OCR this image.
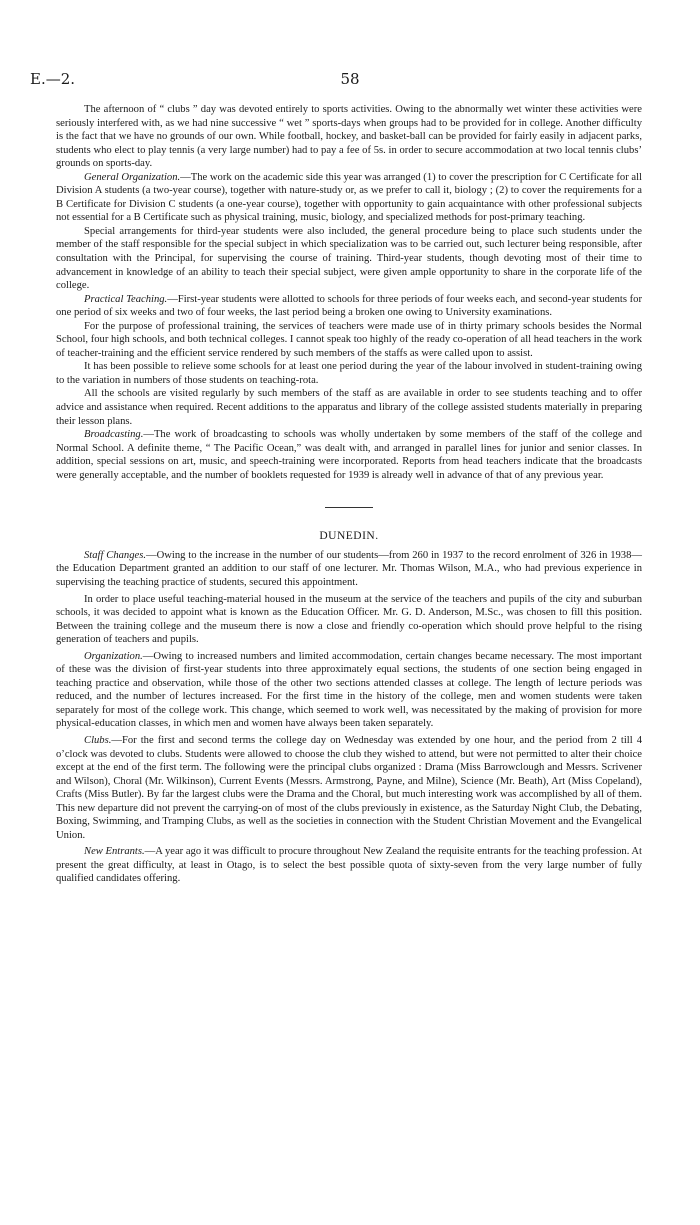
58
E.—2.

The afternoon of “ clubs ” day was devoted entirely to sports activities. Owing to the abnormally wet winter these activities were seriously interfered with, as we had nine successive “ wet ” sports-days when groups had to be provided for in college. Another difficulty is the fact that we have no grounds of our own. While football, hockey, and basket-ball can be provided for fairly easily in adjacent parks, students who elect to play tennis (a very large number) had to pay a fee of 5s. in order to secure accommodation at two local tennis clubs’ grounds on sports-day.

General Organization.—The work on the academic side this year was arranged (1) to cover the prescription for C Certificate for all Division A students (a two-year course), together with nature-study or, as we prefer to call it, biology ; (2) to cover the requirements for a B Certificate for Division C students (a one-year course), together with opportunity to gain acquaintance with other professional subjects not essential for a B Certificate such as physical training, music, biology, and specialized methods for post-primary teaching.

Special arrangements for third-year students were also included, the general procedure being to place such students under the member of the staff responsible for the special subject in which specialization was to be carried out, such lecturer being responsible, after consultation with the Principal, for supervising the course of training. Third-year students, though devoting most of their time to advancement in knowledge of an ability to teach their special subject, were given ample opportunity to share in the corporate life of the college.

Practical Teaching.—First-year students were allotted to schools for three periods of four weeks each, and second-year students for one period of six weeks and two of four weeks, the last period being a broken one owing to University examinations.

For the purpose of professional training, the services of teachers were made use of in thirty primary schools besides the Normal School, four high schools, and both technical colleges. I cannot speak too highly of the ready co-operation of all head teachers in the work of teacher-training and the efficient service rendered by such members of the staffs as were called upon to assist.

It has been possible to relieve some schools for at least one period during the year of the labour involved in student-training owing to the variation in numbers of those students on teaching-rota.

All the schools are visited regularly by such members of the staff as are available in order to see students teaching and to offer advice and assistance when required. Recent additions to the apparatus and library of the college assisted students materially in preparing their lesson plans.

Broadcasting.—The work of broadcasting to schools was wholly undertaken by some members of the staff of the college and Normal School. A definite theme, “ The Pacific Ocean,” was dealt with, and arranged in parallel lines for junior and senior classes. In addition, special sessions on art, music, and speech-training were incorporated. Reports from head teachers indicate that the broadcasts were generally acceptable, and the number of booklets requested for 1939 is already well in advance of that of any previous year.

DUNEDIN.

Staff Changes.—Owing to the increase in the number of our students—from 260 in 1937 to the record enrolment of 326 in 1938—the Education Department granted an addition to our staff of one lecturer. Mr. Thomas Wilson, M.A., who had previous experience in supervising the teaching practice of students, secured this appointment.

In order to place useful teaching-material housed in the museum at the service of the teachers and pupils of the city and suburban schools, it was decided to appoint what is known as the Education Officer. Mr. G. D. Anderson, M.Sc., was chosen to fill this position. Between the training college and the museum there is now a close and friendly co-operation which should prove helpful to the rising generation of teachers and pupils.

Organization.—Owing to increased numbers and limited accommodation, certain changes became necessary. The most important of these was the division of first-year students into three approximately equal sections, the students of one section being engaged in teaching practice and observation, while those of the other two sections attended classes at college. The length of lecture periods was reduced, and the number of lectures increased. For the first time in the history of the college, men and women students were taken separately for most of the college work. This change, which seemed to work well, was necessitated by the making of provision for more physical-education classes, in which men and women have always been taken separately.

Clubs.—For the first and second terms the college day on Wednesday was extended by one hour, and the period from 2 till 4 o’clock was devoted to clubs. Students were allowed to choose the club they wished to attend, but were not permitted to alter their choice except at the end of the first term. The following were the principal clubs organized : Drama (Miss Barrowclough and Messrs. Scrivener and Wilson), Choral (Mr. Wilkinson), Current Events (Messrs. Armstrong, Payne, and Milne), Science (Mr. Beath), Art (Miss Copeland), Crafts (Miss Butler). By far the largest clubs were the Drama and the Choral, but much interesting work was accomplished by all of them. This new departure did not prevent the carrying-on of most of the clubs previously in existence, as the Saturday Night Club, the Debating, Boxing, Swimming, and Tramping Clubs, as well as the societies in connection with the Student Christian Movement and the Evangelical Union.

New Entrants.—A year ago it was difficult to procure throughout New Zealand the requisite entrants for the teaching profession. At present the great difficulty, at least in Otago, is to select the best possible quota of sixty-seven from the very large number of fully qualified candidates offering.
